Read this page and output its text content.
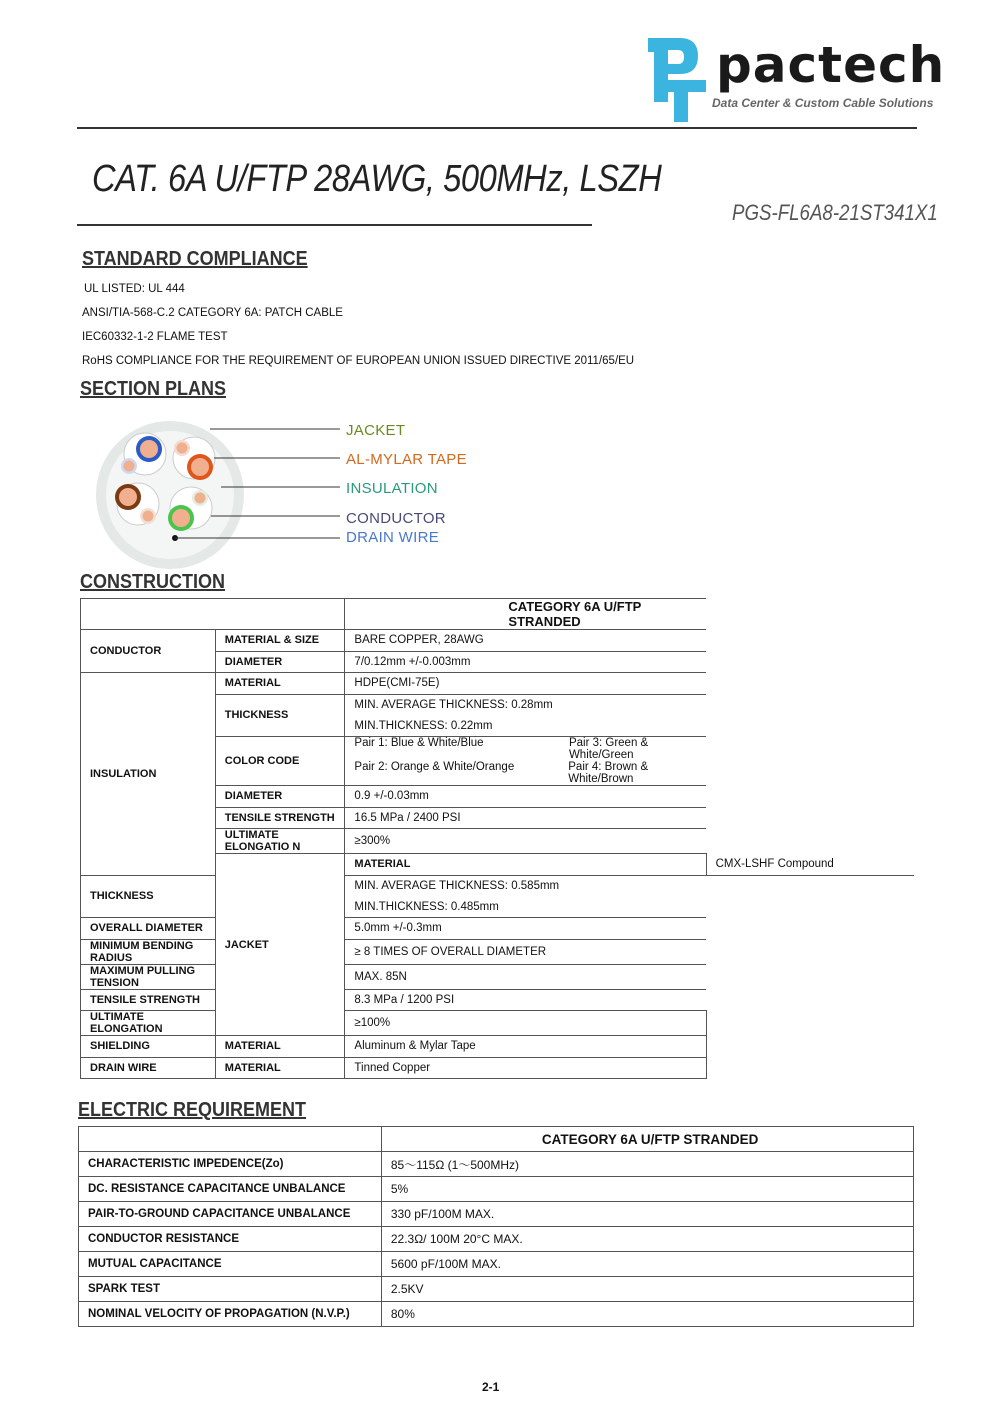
pactech
Data Center & Custom Cable Solutions
CAT. 6A U/FTP 28AWG, 500MHz, LSZH
PGS-FL6A8-21ST341X1
STANDARD COMPLIANCE
UL LISTED: UL 444
ANSI/TIA-568-C.2 CATEGORY 6A: PATCH CABLE
IEC60332-1-2 FLAME TEST
RoHS COMPLIANCE FOR THE REQUIREMENT OF EUROPEAN UNION ISSUED DIRECTIVE 2011/65/EU
SECTION PLANS
JACKET
AL-MYLAR TAPE
INSULATION
CONDUCTOR
DRAIN WIRE
CONSTRUCTION
		CATEGORY 6A U/FTP STRANDED	
CONDUCTOR	MATERIAL & SIZE	BARE COPPER, 28AWG	
	DIAMETER	7/0.12mm +/-0.003mm	
INSULATION	MATERIAL	HDPE(CMI-75E)	
	THICKNESS	MIN. AVERAGE THICKNESS: 0.28mm	
		MIN.THICKNESS: 0.22mm	
	COLOR CODE	Pair 1: Blue & White/Blue Pair 3: Green & White/Green	

		Pair 2: Orange & White/Orange Pair 4: Brown & White/Brown	

	DIAMETER	0.9 +/-0.03mm	
	TENSILE STRENGTH	16.5 MPa / 2400 PSI	
	ULTIMATE ELONGATIO N	≥300%	
	JACKET	MATERIAL	CMX-LSHF Compound
THICKNESS		MIN. AVERAGE THICKNESS: 0.585mm	
		MIN.THICKNESS: 0.485mm	
OVERALL DIAMETER		5.0mm +/-0.3mm	
MINIMUM BENDING RADIUS		≥ 8 TIMES OF OVERALL DIAMETER	
MAXIMUM PULLING TENSION		MAX. 85N	
TENSILE STRENGTH		8.3 MPa / 1200 PSI	
ULTIMATE ELONGATION		≥100%	
SHIELDING	MATERIAL	Aluminum & Mylar Tape	
DRAIN WIRE	MATERIAL	Tinned Copper	
ELECTRIC REQUIREMENT
	CATEGORY 6A U/FTP STRANDED
CHARACTERISTIC IMPEDENCE(Zo)	85～115Ω (1～500MHz)
DC. RESISTANCE CAPACITANCE UNBALANCE	5%
PAIR-TO-GROUND CAPACITANCE UNBALANCE	330 pF/100M MAX.
CONDUCTOR RESISTANCE	22.3Ω/ 100M 20°C MAX.
MUTUAL CAPACITANCE	5600 pF/100M MAX.
SPARK TEST	2.5KV
NOMINAL VELOCITY OF PROPAGATION (N.V.P.)	80%
2-1
